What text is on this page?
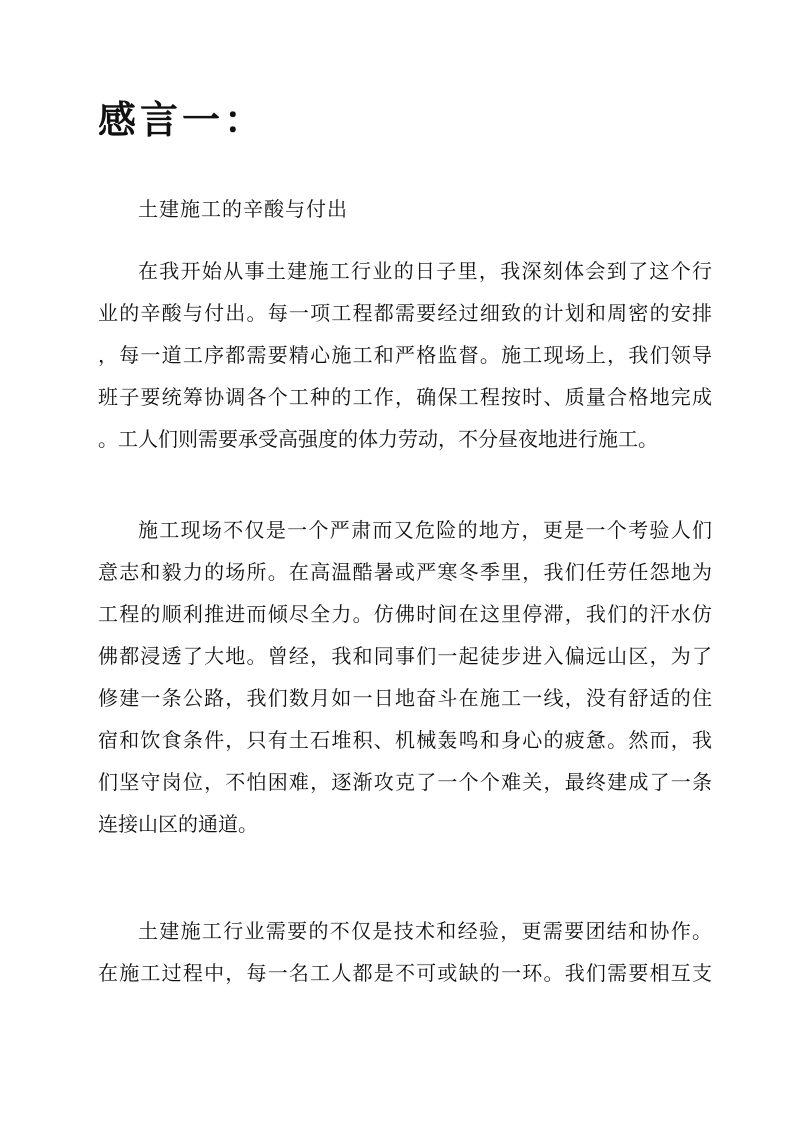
感言一：

土建施工的辛酸与付出

在我开始从事土建施工行业的日子里，我深刻体会到了这个行
业的辛酸与付出。每一项工程都需要经过细致的计划和周密的安排
，每一道工序都需要精心施工和严格监督。施工现场上，我们领导
班子要统筹协调各个工种的工作，确保工程按时、质量合格地完成
。工人们则需要承受高强度的体力劳动，不分昼夜地进行施工。
施工现场不仅是一个严肃而又危险的地方，更是一个考验人们
意志和毅力的场所。在高温酷暑或严寒冬季里，我们任劳任怨地为
工程的顺利推进而倾尽全力。仿佛时间在这里停滞，我们的汗水仿
佛都浸透了大地。曾经，我和同事们一起徒步进入偏远山区，为了
修建一条公路，我们数月如一日地奋斗在施工一线，没有舒适的住
宿和饮食条件，只有土石堆积、机械轰鸣和身心的疲惫。然而，我
们坚守岗位，不怕困难，逐渐攻克了一个个难关，最终建成了一条
连接山区的通道。
土建施工行业需要的不仅是技术和经验，更需要团结和协作。
在施工过程中，每一名工人都是不可或缺的一环。我们需要相互支
